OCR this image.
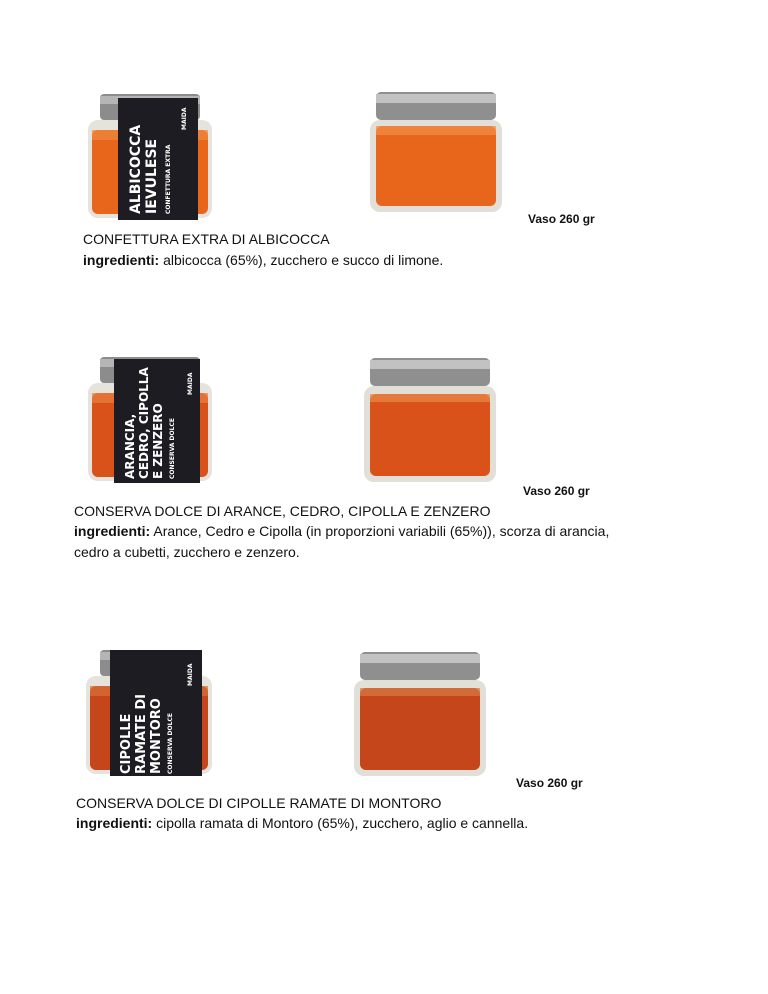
ALBICOCCA IEVULESE CONFETTURA EXTRA
MAIDA
Vaso 260 gr
CONFETTURA EXTRA DI ALBICOCCA
ingredienti: albicocca (65%), zucchero e succo di limone.
ARANCIA, CEDRO, CIPOLLA E ZENZERO CONSERVA DOLCE
MAIDA
Vaso 260 gr
CONSERVA DOLCE DI ARANCE, CEDRO, CIPOLLA E ZENZERO
ingredienti: Arance, Cedro e Cipolla (in proporzioni variabili (65%)), scorza di arancia, cedro a cubetti, zucchero e zenzero.
CIPOLLE RAMATE DI MONTORO CONSERVA DOLCE
MAIDA
Vaso 260 gr
CONSERVA DOLCE DI CIPOLLE RAMATE DI MONTORO
ingredienti: cipolla ramata di Montoro (65%), zucchero, aglio e cannella.
